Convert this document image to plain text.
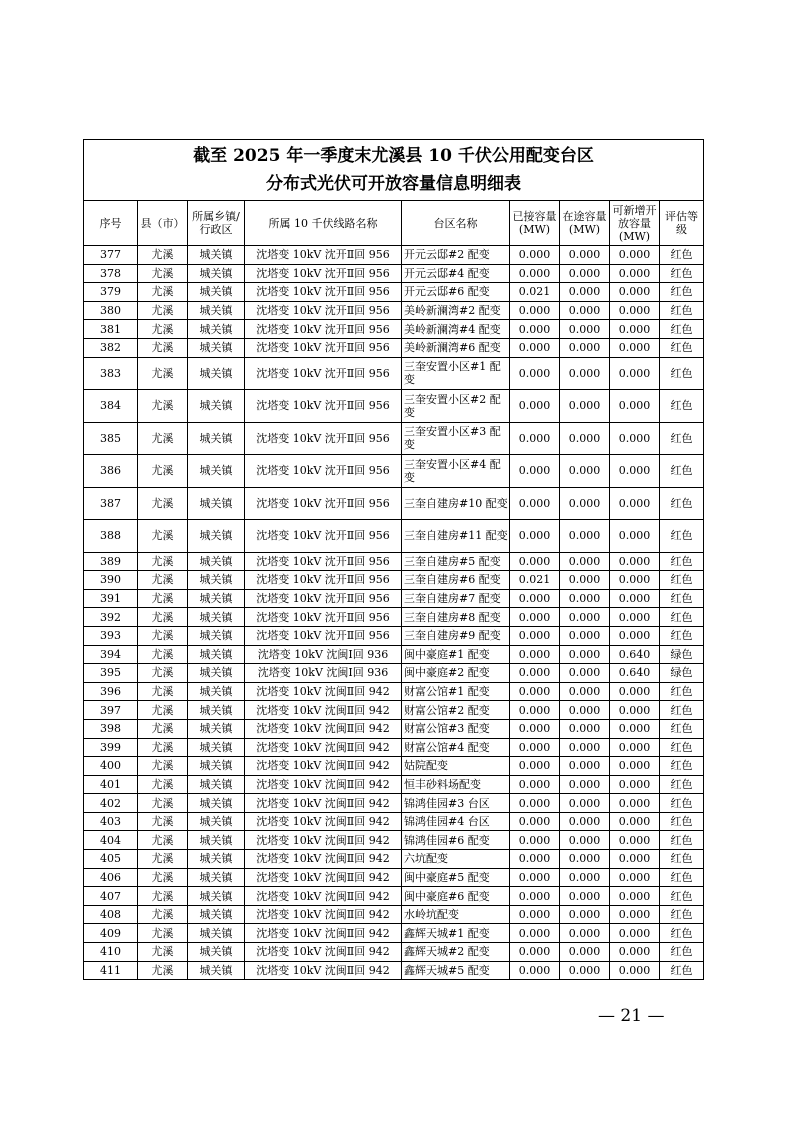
截至 2025 年一季度末尤溪县 10 千伏公用配变台区
分布式光伏可开放容量信息明细表								

序号	县（市）	所属乡镇/行政区	所属 10 千伏线路名称	台区名称	已接容量(MW)	在途容量(MW)	可新增开放容量(MW)	评估等级
377	尤溪	城关镇	沈塔变 10kV 沈开Ⅱ回 956	开元云邸#2 配变	0.000	0.000	0.000	红色
378	尤溪	城关镇	沈塔变 10kV 沈开Ⅱ回 956	开元云邸#4 配变	0.000	0.000	0.000	红色
379	尤溪	城关镇	沈塔变 10kV 沈开Ⅱ回 956	开元云邸#6 配变	0.021	0.000	0.000	红色
380	尤溪	城关镇	沈塔变 10kV 沈开Ⅱ回 956	美岭新澜湾#2 配变	0.000	0.000	0.000	红色
381	尤溪	城关镇	沈塔变 10kV 沈开Ⅱ回 956	美岭新澜湾#4 配变	0.000	0.000	0.000	红色
382	尤溪	城关镇	沈塔变 10kV 沈开Ⅱ回 956	美岭新澜湾#6 配变	0.000	0.000	0.000	红色
383	尤溪	城关镇	沈塔变 10kV 沈开Ⅱ回 956	三奎安置小区#1 配变	0.000	0.000	0.000	红色
384	尤溪	城关镇	沈塔变 10kV 沈开Ⅱ回 956	三奎安置小区#2 配变	0.000	0.000	0.000	红色
385	尤溪	城关镇	沈塔变 10kV 沈开Ⅱ回 956	三奎安置小区#3 配变	0.000	0.000	0.000	红色
386	尤溪	城关镇	沈塔变 10kV 沈开Ⅱ回 956	三奎安置小区#4 配变	0.000	0.000	0.000	红色
387	尤溪	城关镇	沈塔变 10kV 沈开Ⅱ回 956	三奎自建房#10 配变	0.000	0.000	0.000	红色
388	尤溪	城关镇	沈塔变 10kV 沈开Ⅱ回 956	三奎自建房#11 配变	0.000	0.000	0.000	红色
389	尤溪	城关镇	沈塔变 10kV 沈开Ⅱ回 956	三奎自建房#5 配变	0.000	0.000	0.000	红色
390	尤溪	城关镇	沈塔变 10kV 沈开Ⅱ回 956	三奎自建房#6 配变	0.021	0.000	0.000	红色
391	尤溪	城关镇	沈塔变 10kV 沈开Ⅱ回 956	三奎自建房#7 配变	0.000	0.000	0.000	红色
392	尤溪	城关镇	沈塔变 10kV 沈开Ⅱ回 956	三奎自建房#8 配变	0.000	0.000	0.000	红色
393	尤溪	城关镇	沈塔变 10kV 沈开Ⅱ回 956	三奎自建房#9 配变	0.000	0.000	0.000	红色
394	尤溪	城关镇	沈塔变 10kV 沈闽Ⅰ回 936	闽中豪庭#1 配变	0.000	0.000	0.640	绿色
395	尤溪	城关镇	沈塔变 10kV 沈闽Ⅰ回 936	闽中豪庭#2 配变	0.000	0.000	0.640	绿色
396	尤溪	城关镇	沈塔变 10kV 沈闽Ⅱ回 942	财富公馆#1 配变	0.000	0.000	0.000	红色
397	尤溪	城关镇	沈塔变 10kV 沈闽Ⅱ回 942	财富公馆#2 配变	0.000	0.000	0.000	红色
398	尤溪	城关镇	沈塔变 10kV 沈闽Ⅱ回 942	财富公馆#3 配变	0.000	0.000	0.000	红色
399	尤溪	城关镇	沈塔变 10kV 沈闽Ⅱ回 942	财富公馆#4 配变	0.000	0.000	0.000	红色
400	尤溪	城关镇	沈塔变 10kV 沈闽Ⅱ回 942	姑院配变	0.000	0.000	0.000	红色
401	尤溪	城关镇	沈塔变 10kV 沈闽Ⅱ回 942	恒丰砂料场配变	0.000	0.000	0.000	红色
402	尤溪	城关镇	沈塔变 10kV 沈闽Ⅱ回 942	锦鸿佳园#3 台区	0.000	0.000	0.000	红色
403	尤溪	城关镇	沈塔变 10kV 沈闽Ⅱ回 942	锦鸿佳园#4 台区	0.000	0.000	0.000	红色
404	尤溪	城关镇	沈塔变 10kV 沈闽Ⅱ回 942	锦鸿佳园#6 配变	0.000	0.000	0.000	红色
405	尤溪	城关镇	沈塔变 10kV 沈闽Ⅱ回 942	六坑配变	0.000	0.000	0.000	红色
406	尤溪	城关镇	沈塔变 10kV 沈闽Ⅱ回 942	闽中豪庭#5 配变	0.000	0.000	0.000	红色
407	尤溪	城关镇	沈塔变 10kV 沈闽Ⅱ回 942	闽中豪庭#6 配变	0.000	0.000	0.000	红色
408	尤溪	城关镇	沈塔变 10kV 沈闽Ⅱ回 942	水岭坑配变	0.000	0.000	0.000	红色
409	尤溪	城关镇	沈塔变 10kV 沈闽Ⅱ回 942	鑫辉天城#1 配变	0.000	0.000	0.000	红色
410	尤溪	城关镇	沈塔变 10kV 沈闽Ⅱ回 942	鑫辉天城#2 配变	0.000	0.000	0.000	红色
411	尤溪	城关镇	沈塔变 10kV 沈闽Ⅱ回 942	鑫辉天城#5 配变	0.000	0.000	0.000	红色
— 21 —
